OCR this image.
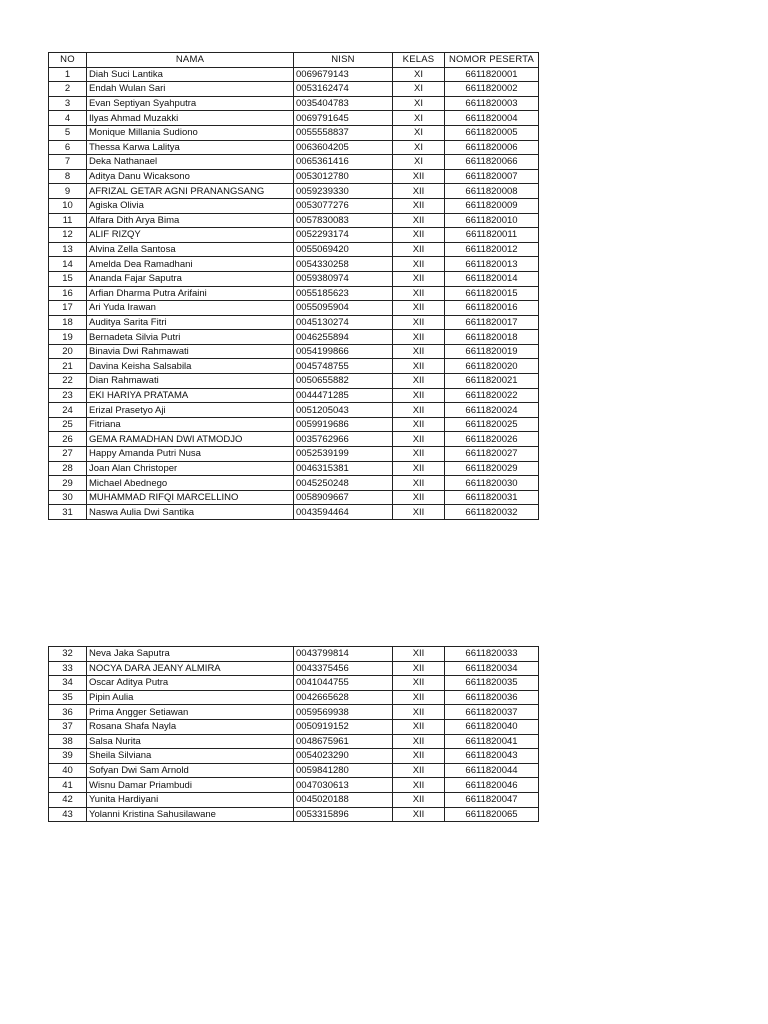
NO	NAMA	NISN	KELAS	NOMOR PESERTA
1	Diah Suci Lantika	0069679143	XI	6611820001
2	Endah Wulan Sari	0053162474	XI	6611820002
3	Evan Septiyan Syahputra	0035404783	XI	6611820003
4	Ilyas Ahmad Muzakki	0069791645	XI	6611820004
5	Monique Millania Sudiono	0055558837	XI	6611820005
6	Thessa Karwa Lalitya	0063604205	XI	6611820006
7	Deka Nathanael	0065361416	XI	6611820066
8	Aditya Danu Wicaksono	0053012780	XII	6611820007
9	AFRIZAL GETAR AGNI PRANANGSANG	0059239330	XII	6611820008
10	Agiska Olivia	0053077276	XII	6611820009
11	Alfara Dith Arya Bima	0057830083	XII	6611820010
12	ALIF RIZQY	0052293174	XII	6611820011
13	Alvina Zella Santosa	0055069420	XII	6611820012
14	Amelda Dea Ramadhani	0054330258	XII	6611820013
15	Ananda Fajar Saputra	0059380974	XII	6611820014
16	Arfian Dharma Putra Arifaini	0055185623	XII	6611820015
17	Ari Yuda Irawan	0055095904	XII	6611820016
18	Auditya Sarita Fitri	0045130274	XII	6611820017
19	Bernadeta Silvia Putri	0046255894	XII	6611820018
20	Binavia Dwi Rahmawati	0054199866	XII	6611820019
21	Davina Keisha Salsabila	0045748755	XII	6611820020
22	Dian Rahmawati	0050655882	XII	6611820021
23	EKI HARIYA PRATAMA	0044471285	XII	6611820022
24	Erizal Prasetyo Aji	0051205043	XII	6611820024
25	Fitriana	0059919686	XII	6611820025
26	GEMA RAMADHAN DWI ATMODJO	0035762966	XII	6611820026
27	Happy Amanda Putri Nusa	0052539199	XII	6611820027
28	Joan Alan Christoper	0046315381	XII	6611820029
29	Michael Abednego	0045250248	XII	6611820030
30	MUHAMMAD RIFQI MARCELLINO	0058909667	XII	6611820031
31	Naswa Aulia Dwi Santika	0043594464	XII	6611820032
32	Neva Jaka Saputra	0043799814	XII	6611820033
33	NOCYA DARA JEANY ALMIRA	0043375456	XII	6611820034
34	Oscar Aditya Putra	0041044755	XII	6611820035
35	Pipin Aulia	0042665628	XII	6611820036
36	Prima Angger Setiawan	0059569938	XII	6611820037
37	Rosana Shafa Nayla	0050919152	XII	6611820040
38	Salsa Nurita	0048675961	XII	6611820041
39	Sheila Silviana	0054023290	XII	6611820043
40	Sofyan Dwi Sam Arnold	0059841280	XII	6611820044
41	Wisnu Damar Priambudi	0047030613	XII	6611820046
42	Yunita Hardiyani	0045020188	XII	6611820047
43	Yolanni Kristina Sahusilawane	0053315896	XII	6611820065
